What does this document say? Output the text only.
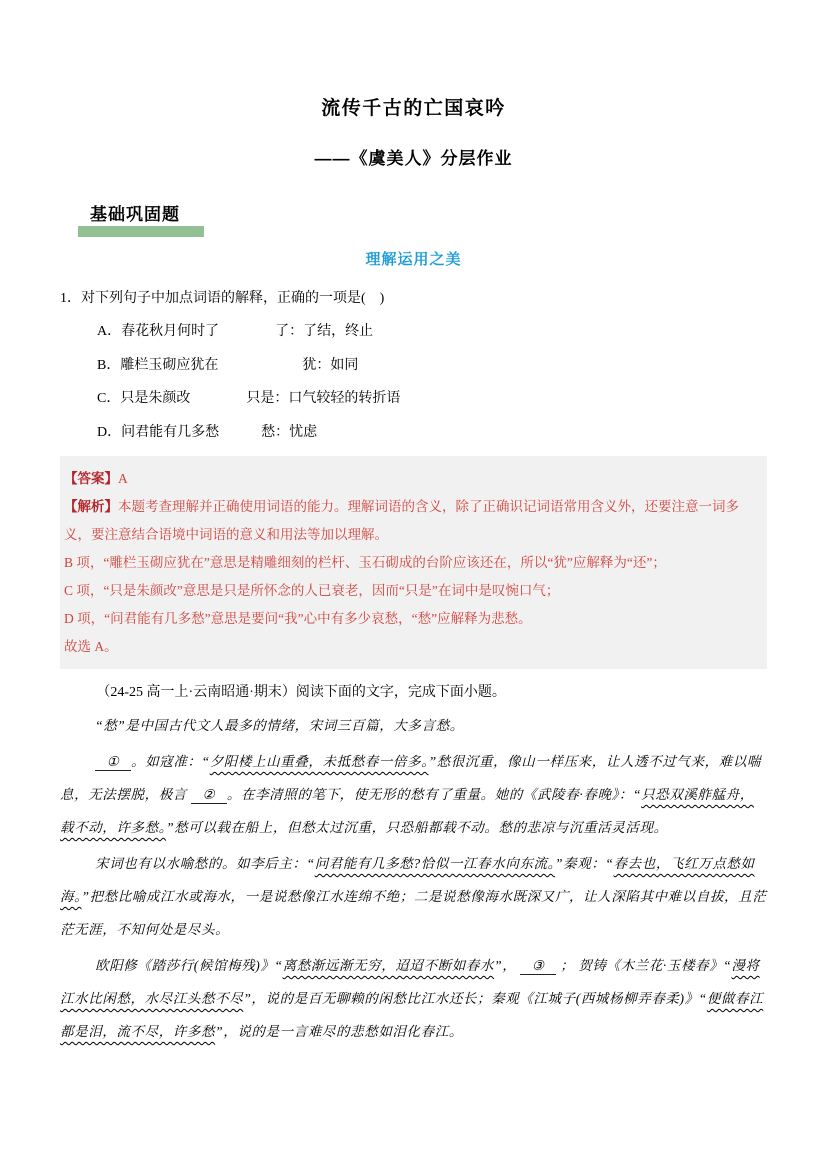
流传千古的亡国哀吟
——《虞美人》分层作业
基础巩固题
理解运用之美
1．对下列句子中加点词语的解释，正确的一项是(　)
A．春花秋月何时了　　　　了：了结，终止
B．雕栏玉砌应犹在　　　　　　犹：如同
C．只是朱颜改　　　　只是：口气较轻的转折语
D．问君能有几多愁　　　愁：忧虑

【答案】A

【解析】本题考查理解并正确使用词语的能力。理解词语的含义，除了正确识记词语常用含义外，还要注意一词多义，要注意结合语境中词语的意义和用法等加以理解。

B 项，“雕栏玉砌应犹在”意思是精雕细刻的栏杆、玉石砌成的台阶应该还在，所以“犹”应解释为“还”；

C 项，“只是朱颜改”意思是只是所怀念的人已衰老，因而“只是”在词中是叹惋口气；

D 项，“问君能有几多愁”意思是要问“我”心中有多少哀愁，“愁”应解释为悲愁。

故选 A。

（24-25 高一上·云南昭通·期末）阅读下面的文字，完成下面小题。

“愁”是中国古代文人最多的情绪，宋词三百篇，大多言愁。

① 。如寇准：“夕阳楼上山重叠，未抵愁春一倍多。”愁很沉重，像山一样压来，让人透不过气来，难以喘息，无法摆脱，极言 ② 。在李清照的笔下，使无形的愁有了重量。她的《武陵春·春晚》：“只恐双溪舴艋舟，载不动，许多愁。”愁可以载在船上，但愁太过沉重，只恐船都载不动。愁的悲凉与沉重活灵活现。

宋词也有以水喻愁的。如李后主：“问君能有几多愁?恰似一江春水向东流。”秦观：“春去也，飞红万点愁如海。”把愁比喻成江水或海水，一是说愁像江水连绵不绝；二是说愁像海水既深又广，让人深陷其中难以自拔，且茫茫无涯，不知何处是尽头。

欧阳修《踏莎行(候馆梅残)》“离愁渐远渐无穷，迢迢不断如春水”， ③ ； 贺铸《木兰花·玉楼春》“漫将江水比闲愁，水尽江头愁不尽”，说的是百无聊赖的闲愁比江水还长；秦观《江城子(西城杨柳弄春柔)》“便做春江都是泪，流不尽，许多愁”，说的是一言难尽的悲愁如泪化春江。
